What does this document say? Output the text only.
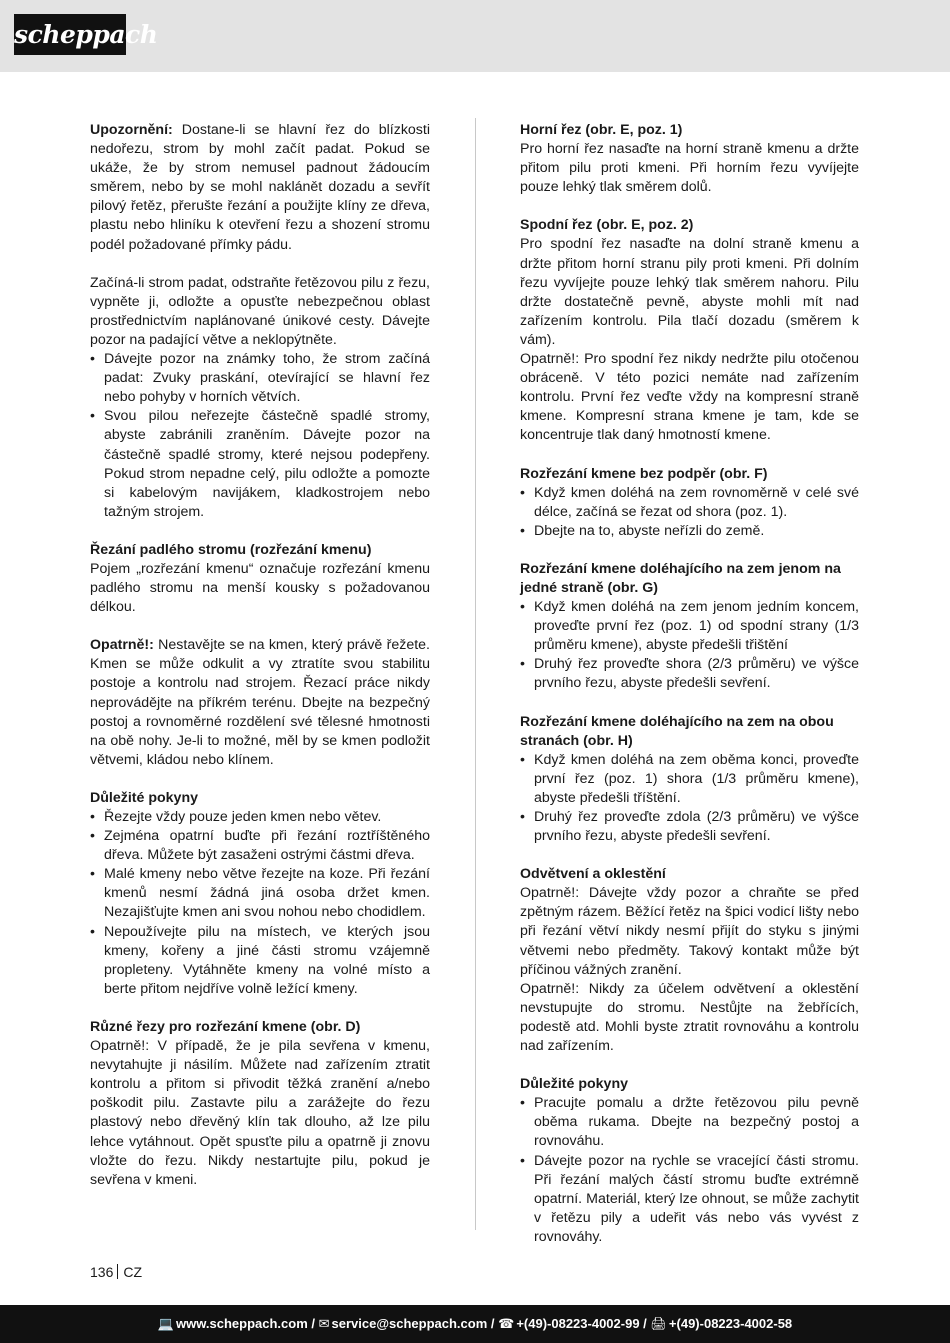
scheppach

Upozornění: Dostane-li se hlavní řez do blízkosti nedořezu, strom by mohl začít padat. Pokud se ukáže, že by strom nemusel padnout žádoucím směrem, nebo by se mohl naklánět dozadu a sevřít pilový řetěz, přerušte řezání a použijte klíny ze dřeva, plastu nebo hliníku k otevření řezu a shození stromu podél požadované přímky pádu.

Začíná-li strom padat, odstraňte řetězovou pilu z řezu, vypněte ji, odložte a opusťte nebezpečnou oblast prostřednictvím naplánované únikové cesty. Dávejte pozor na padající větve a neklopýtněte.

• Dávejte pozor na známky toho, že strom začíná padat: Zvuky praskání, otevírající se hlavní řez nebo pohyby v horních větvích.
• Svou pilou neřezejte částečně spadlé stromy, abyste zabránili zraněním. Dávejte pozor na částečně spadlé stromy, které nejsou podepřeny. Pokud strom nepadne celý, pilu odložte a pomozte si kabelovým navijákem, kladkostrojem nebo tažným strojem.

Řezání padlého stromu (rozřezání kmenu)

Pojem „rozřezání kmenu“ označuje rozřezání kmenu padlého stromu na menší kousky s požadovanou délkou.

Opatrně!: Nestavějte se na kmen, který právě řežete. Kmen se může odkulit a vy ztratíte svou stabilitu postoje a kontrolu nad strojem. Řezací práce nikdy neprovádějte na příkrém terénu. Dbejte na bezpečný postoj a rovnoměrné rozdělení své tělesné hmotnosti na obě nohy. Je-li to možné, měl by se kmen podložit větvemi, kládou nebo klínem.

Důležité pokyny

• Řezejte vždy pouze jeden kmen nebo větev.
• Zejména opatrní buďte při řezání roztříštěného dřeva. Můžete být zasaženi ostrými částmi dřeva.
• Malé kmeny nebo větve řezejte na koze. Při řezání kmenů nesmí žádná jiná osoba držet kmen. Nezajišťujte kmen ani svou nohou nebo chodidlem.
• Nepoužívejte pilu na místech, ve kterých jsou kmeny, kořeny a jiné části stromu vzájemně propleteny. Vytáhněte kmeny na volné místo a berte přitom nejdříve volně ležící kmeny.

Různé řezy pro rozřezání kmene (obr. D)

Opatrně!: V případě, že je pila sevřena v kmenu, nevytahujte ji násilím. Můžete nad zařízením ztratit kontrolu a přitom si přivodit těžká zranění a/nebo poškodit pilu. Zastavte pilu a zarážejte do řezu plastový nebo dřevěný klín tak dlouho, až lze pilu lehce vytáhnout. Opět spusťte pilu a opatrně ji znovu vložte do řezu. Nikdy nestartujte pilu, pokud je sevřena v kmeni.

Horní řez (obr. E, poz. 1)

Pro horní řez nasaďte na horní straně kmenu a držte přitom pilu proti kmeni. Při horním řezu vyvíjejte pouze lehký tlak směrem dolů.

Spodní řez (obr. E, poz. 2)

Pro spodní řez nasaďte na dolní straně kmenu a držte přitom horní stranu pily proti kmeni. Při dolním řezu vyvíjejte pouze lehký tlak směrem nahoru. Pilu držte dostatečně pevně, abyste mohli mít nad zařízením kontrolu. Pila tlačí dozadu (směrem k vám).

Opatrně!: Pro spodní řez nikdy nedržte pilu otočenou obráceně. V této pozici nemáte nad zařízením kontrolu. První řez veďte vždy na kompresní straně kmene. Kompresní strana kmene je tam, kde se koncentruje tlak daný hmotností kmene.

Rozřezání kmene bez podpěr (obr. F)

• Když kmen doléhá na zem rovnoměrně v celé své délce, začíná se řezat od shora (poz. 1).
• Dbejte na to, abyste neřízli do země.

Rozřezání kmene doléhajícího na zem jenom na jedné straně (obr. G)

• Když kmen doléhá na zem jenom jedním koncem, proveďte první řez (poz. 1) od spodní strany (1/3 průměru kmene), abyste předešli třištění
• Druhý řez proveďte shora (2/3 průměru) ve výšce prvního řezu, abyste předešli sevření.

Rozřezání kmene doléhajícího na zem na obou stranách (obr. H)

• Když kmen doléhá na zem oběma konci, proveďte první řez (poz. 1) shora (1/3 průměru kmene), abyste předešli tříštění.
• Druhý řez proveďte zdola (2/3 průměru) ve výšce prvního řezu, abyste předešli sevření.

Odvětvení a oklestění

Opatrně!: Dávejte vždy pozor a chraňte se před zpětným rázem. Běžící řetěz na špici vodicí lišty nebo při řezání větví nikdy nesmí přijít do styku s jinými větvemi nebo předměty. Takový kontakt může být příčinou vážných zranění.

Opatrně!: Nikdy za účelem odvětvení a oklestění nevstupujte do stromu. Nestůjte na žebřících, podestě atd. Mohli byste ztratit rovnováhu a kontrolu nad zařízením.

Důležité pokyny

• Pracujte pomalu a držte řetězovou pilu pevně oběma rukama. Dbejte na bezpečný postoj a rovnováhu.
• Dávejte pozor na rychle se vracející části stromu. Při řezání malých částí stromu buďte extrémně opatrní. Materiál, který lze ohnout, se může zachytit v řetězu pily a udeřit vás nebo vás vyvést z rovnováhy.
136 CZ
💻 www.scheppach.com / ✉ service@scheppach.com / ☎ +(49)-08223-4002-99 / 🖨 +(49)-08223-4002-58
